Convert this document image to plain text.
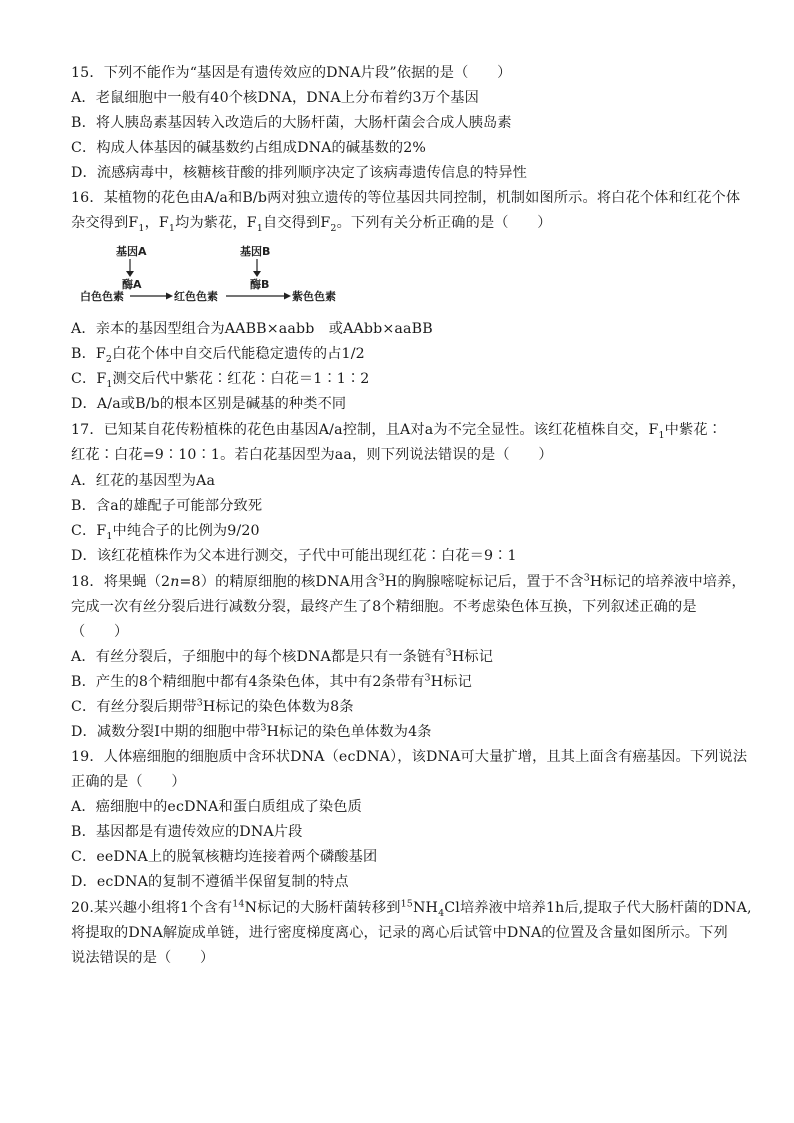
15．下列不能作为“基因是有遗传效应的DNA片段”依据的是（　　）
A．老鼠细胞中一般有40个核DNA，DNA上分布着约3万个基因
B．将人胰岛素基因转入改造后的大肠杆菌，大肠杆菌会合成人胰岛素
C．构成人体基因的碱基数约占组成DNA的碱基数的2%
D．流感病毒中，核糖核苷酸的排列顺序决定了该病毒遗传信息的特异性
16．某植物的花色由A/a和B/b两对独立遗传的等位基因共同控制，机制如图所示。将白花个体和红花个体
杂交得到$F_1$，$F_1$均为紫花，$F_1$自交得到$F_2$。下列有关分析正确的是（　　）
基因A
酶A
基因B
酶B
白色色素	红色色素	紫色色素
A．亲本的基因型组合为AABB×aabb　或AAbb×aaBB
B．$F_2$白花个体中自交后代能稳定遗传的占1/2
C．$F_1$测交后代中紫花∶红花∶白花＝1∶1∶2
D．A/a或B/b的根本区别是碱基的种类不同
17．已知某自花传粉植株的花色由基因A/a控制，且A对a为不完全显性。该红花植株自交，$F_1$中紫花∶
红花∶白花=9∶10∶1。若白花基因型为aa，则下列说法错误的是（　　）
A．红花的基因型为Aa
B．含a的雄配子可能部分致死
C．$F_1$中纯合子的比例为9/20
D．该红花植株作为父本进行测交，子代中可能出现红花∶白花＝9∶1
18．将果蝇（2n=8）的精原细胞的核DNA用含$^3$H的胸腺嘧啶标记后，置于不含$^3$H标记的培养液中培养，
完成一次有丝分裂后进行减数分裂，最终产生了8个精细胞。不考虑染色体互换，下列叙述正确的是
（　　）
A．有丝分裂后，子细胞中的每个核DNA都是只有一条链有$^3$H标记
B．产生的8个精细胞中都有4条染色体，其中有2条带有$^3$H标记
C．有丝分裂后期带$^3$H标记的染色体数为8条
D．减数分裂Ⅰ中期的细胞中带$^3$H标记的染色单体数为4条
19．人体癌细胞的细胞质中含环状DNA（ecDNA），该DNA可大量扩增，且其上面含有癌基因。下列说法
正确的是（　　）
A．癌细胞中的ecDNA和蛋白质组成了染色质
B．基因都是有遗传效应的DNA片段
C．eeDNA上的脱氧核糖均连接着两个磷酸基团
D．ecDNA的复制不遵循半保留复制的特点
20.某兴趣小组将1个含有$^{14}$N标记的大肠杆菌转移到$^{15}NH_4Cl$培养液中培养1h后,提取子代大肠杆菌的DNA,
将提取的DNA解旋成单链，进行密度梯度离心，记录的离心后试管中DNA的位置及含量如图所示。下列
说法错误的是（　　）
